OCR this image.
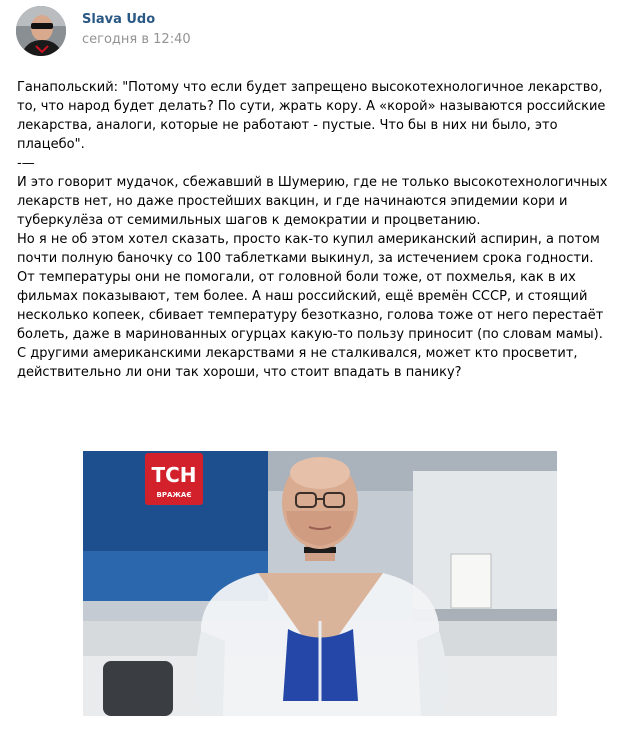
Slava Udo
сегодня в 12:40

Ганапольский: "Потому что если будет запрещено высокотехнологичное лекарство,

то, что народ будет делать? По сути, жрать кору. А «корой» называются российские

лекарства, аналоги, которые не работают - пустые. Что бы в них ни было, это

плацебо".

-—

И это говорит мудачок, сбежавший в Шумерию, где не только высокотехнологичных

лекарств нет, но даже простейших вакцин, и где начинаются эпидемии кори и

туберкулёза от семимильных шагов к демократии и процветанию.

Но я не об этом хотел сказать, просто как-то купил американский аспирин, а потом

почти полную баночку со 100 таблетками выкинул, за истечением срока годности.

От температуры они не помогали, от головной боли тоже, от похмелья, как в их

фильмах показывают, тем более. А наш российский, ещё времён СССР, и стоящий

несколько копеек, сбивает температуру безотказно, голова тоже от него перестаёт

болеть, даже в маринованных огурцах какую-то пользу приносит (по словам мамы).

С другими американскими лекарствами я не сталкивался, может кто просветит,

действительно ли они так хороши, что стоит впадать в панику?

ТСН
ВРАЖАЄ
